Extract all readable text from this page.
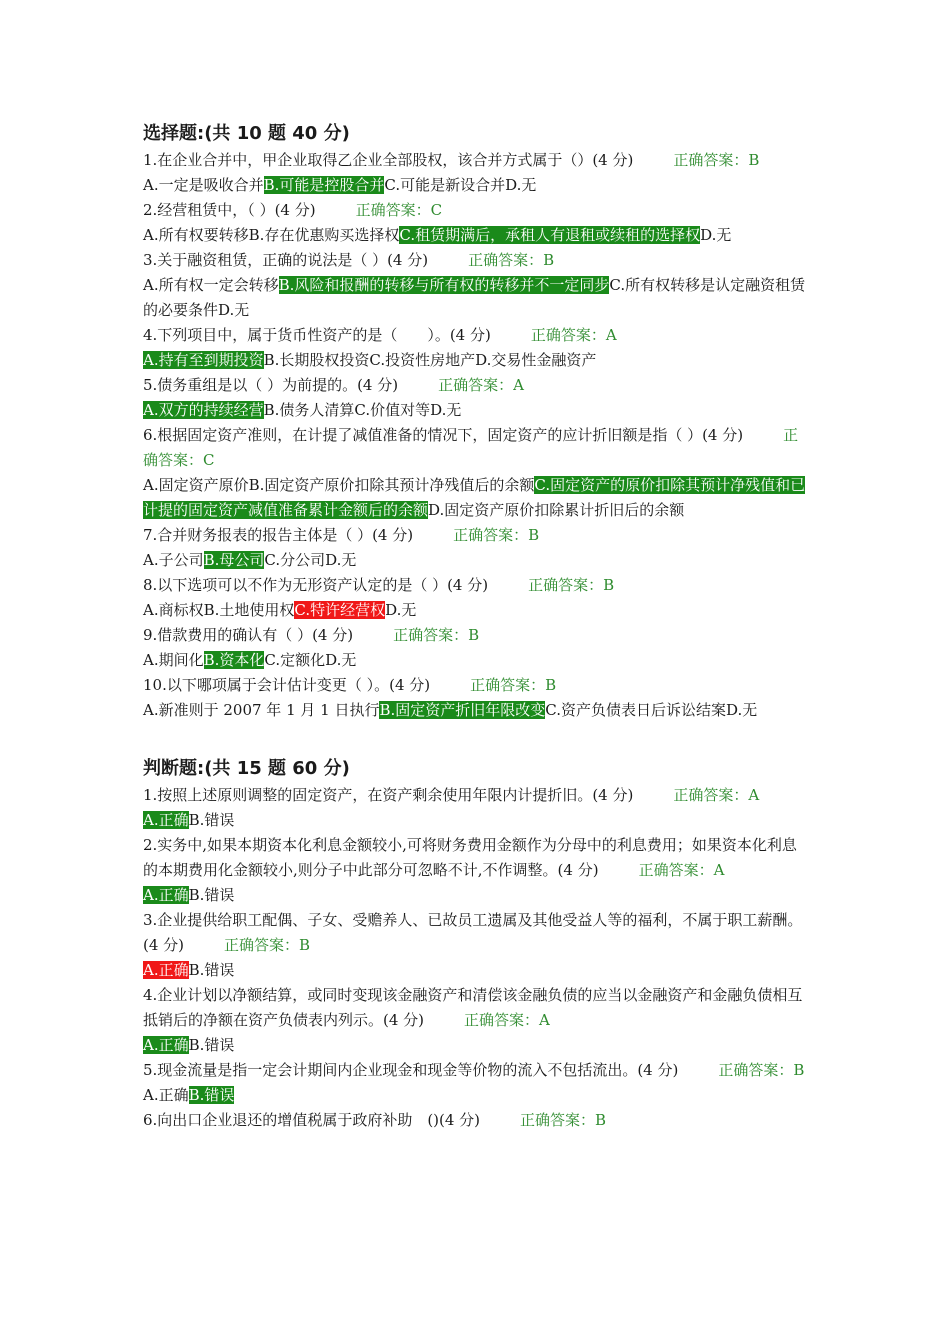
选择题:(共 10 题 40 分)
1.在企业合并中，甲企业取得乙企业全部股权，该合并方式属于（）(4 分)	正确答案：B
A.一定是吸收合并B.可能是控股合并C.可能是新设合并D.无
2.经营租赁中，（ ）(4 分)	正确答案：C
A.所有权要转移B.存在优惠购买选择权C.租赁期满后，承租人有退租或续租的选择权D.无
3.关于融资租赁，正确的说法是（ ）(4 分)	正确答案：B
A.所有权一定会转移B.风险和报酬的转移与所有权的转移并不一定同步C.所有权转移是认定融资租赁的必要条件D.无
4.下列项目中，属于货币性资产的是（　　）。(4 分)	正确答案：A
A.持有至到期投资B.长期股权投资C.投资性房地产D.交易性金融资产
5.债务重组是以（ ）为前提的。(4 分)	正确答案：A
A.双方的持续经营B.债务人清算C.价值对等D.无
6.根据固定资产准则，在计提了减值准备的情况下，固定资产的应计折旧额是指（ ）(4 分)	正确答案：C
A.固定资产原价B.固定资产原价扣除其预计净残值后的余额C.固定资产的原价扣除其预计净残值和已计提的固定资产减值准备累计金额后的余额D.固定资产原价扣除累计折旧后的余额
7.合并财务报表的报告主体是（ ）(4 分)	正确答案：B
A.子公司B.母公司C.分公司D.无
8.以下选项可以不作为无形资产认定的是（ ）(4 分)	正确答案：B
A.商标权B.土地使用权C.特许经营权D.无
9.借款费用的确认有（ ）(4 分)	正确答案：B
A.期间化B.资本化C.定额化D.无
10.以下哪项属于会计估计变更（ ）。(4 分)	正确答案：B
A.新准则于 2007 年 1 月 1 日执行B.固定资产折旧年限改变C.资产负债表日后诉讼结案D.无
判断题:(共 15 题 60 分)
1.按照上述原则调整的固定资产，在资产剩余使用年限内计提折旧。(4 分)	正确答案：A
A.正确B.错误
2.实务中,如果本期资本化利息金额较小,可将财务费用金额作为分母中的利息费用；如果资本化利息的本期费用化金额较小,则分子中此部分可忽略不计,不作调整。(4 分)	正确答案：A
A.正确B.错误
3.企业提供给职工配偶、子女、受赡养人、已故员工遗属及其他受益人等的福利，不属于职工薪酬。(4 分)	正确答案：B
A.正确B.错误
4.企业计划以净额结算，或同时变现该金融资产和清偿该金融负债的应当以金融资产和金融负债相互抵销后的净额在资产负债表内列示。(4 分)	正确答案：A
A.正确B.错误
5.现金流量是指一定会计期间内企业现金和现金等价物的流入不包括流出。(4 分)	正确答案：B
A.正确B.错误
6.向出口企业退还的增值税属于政府补助　()(4 分)	正确答案：B
